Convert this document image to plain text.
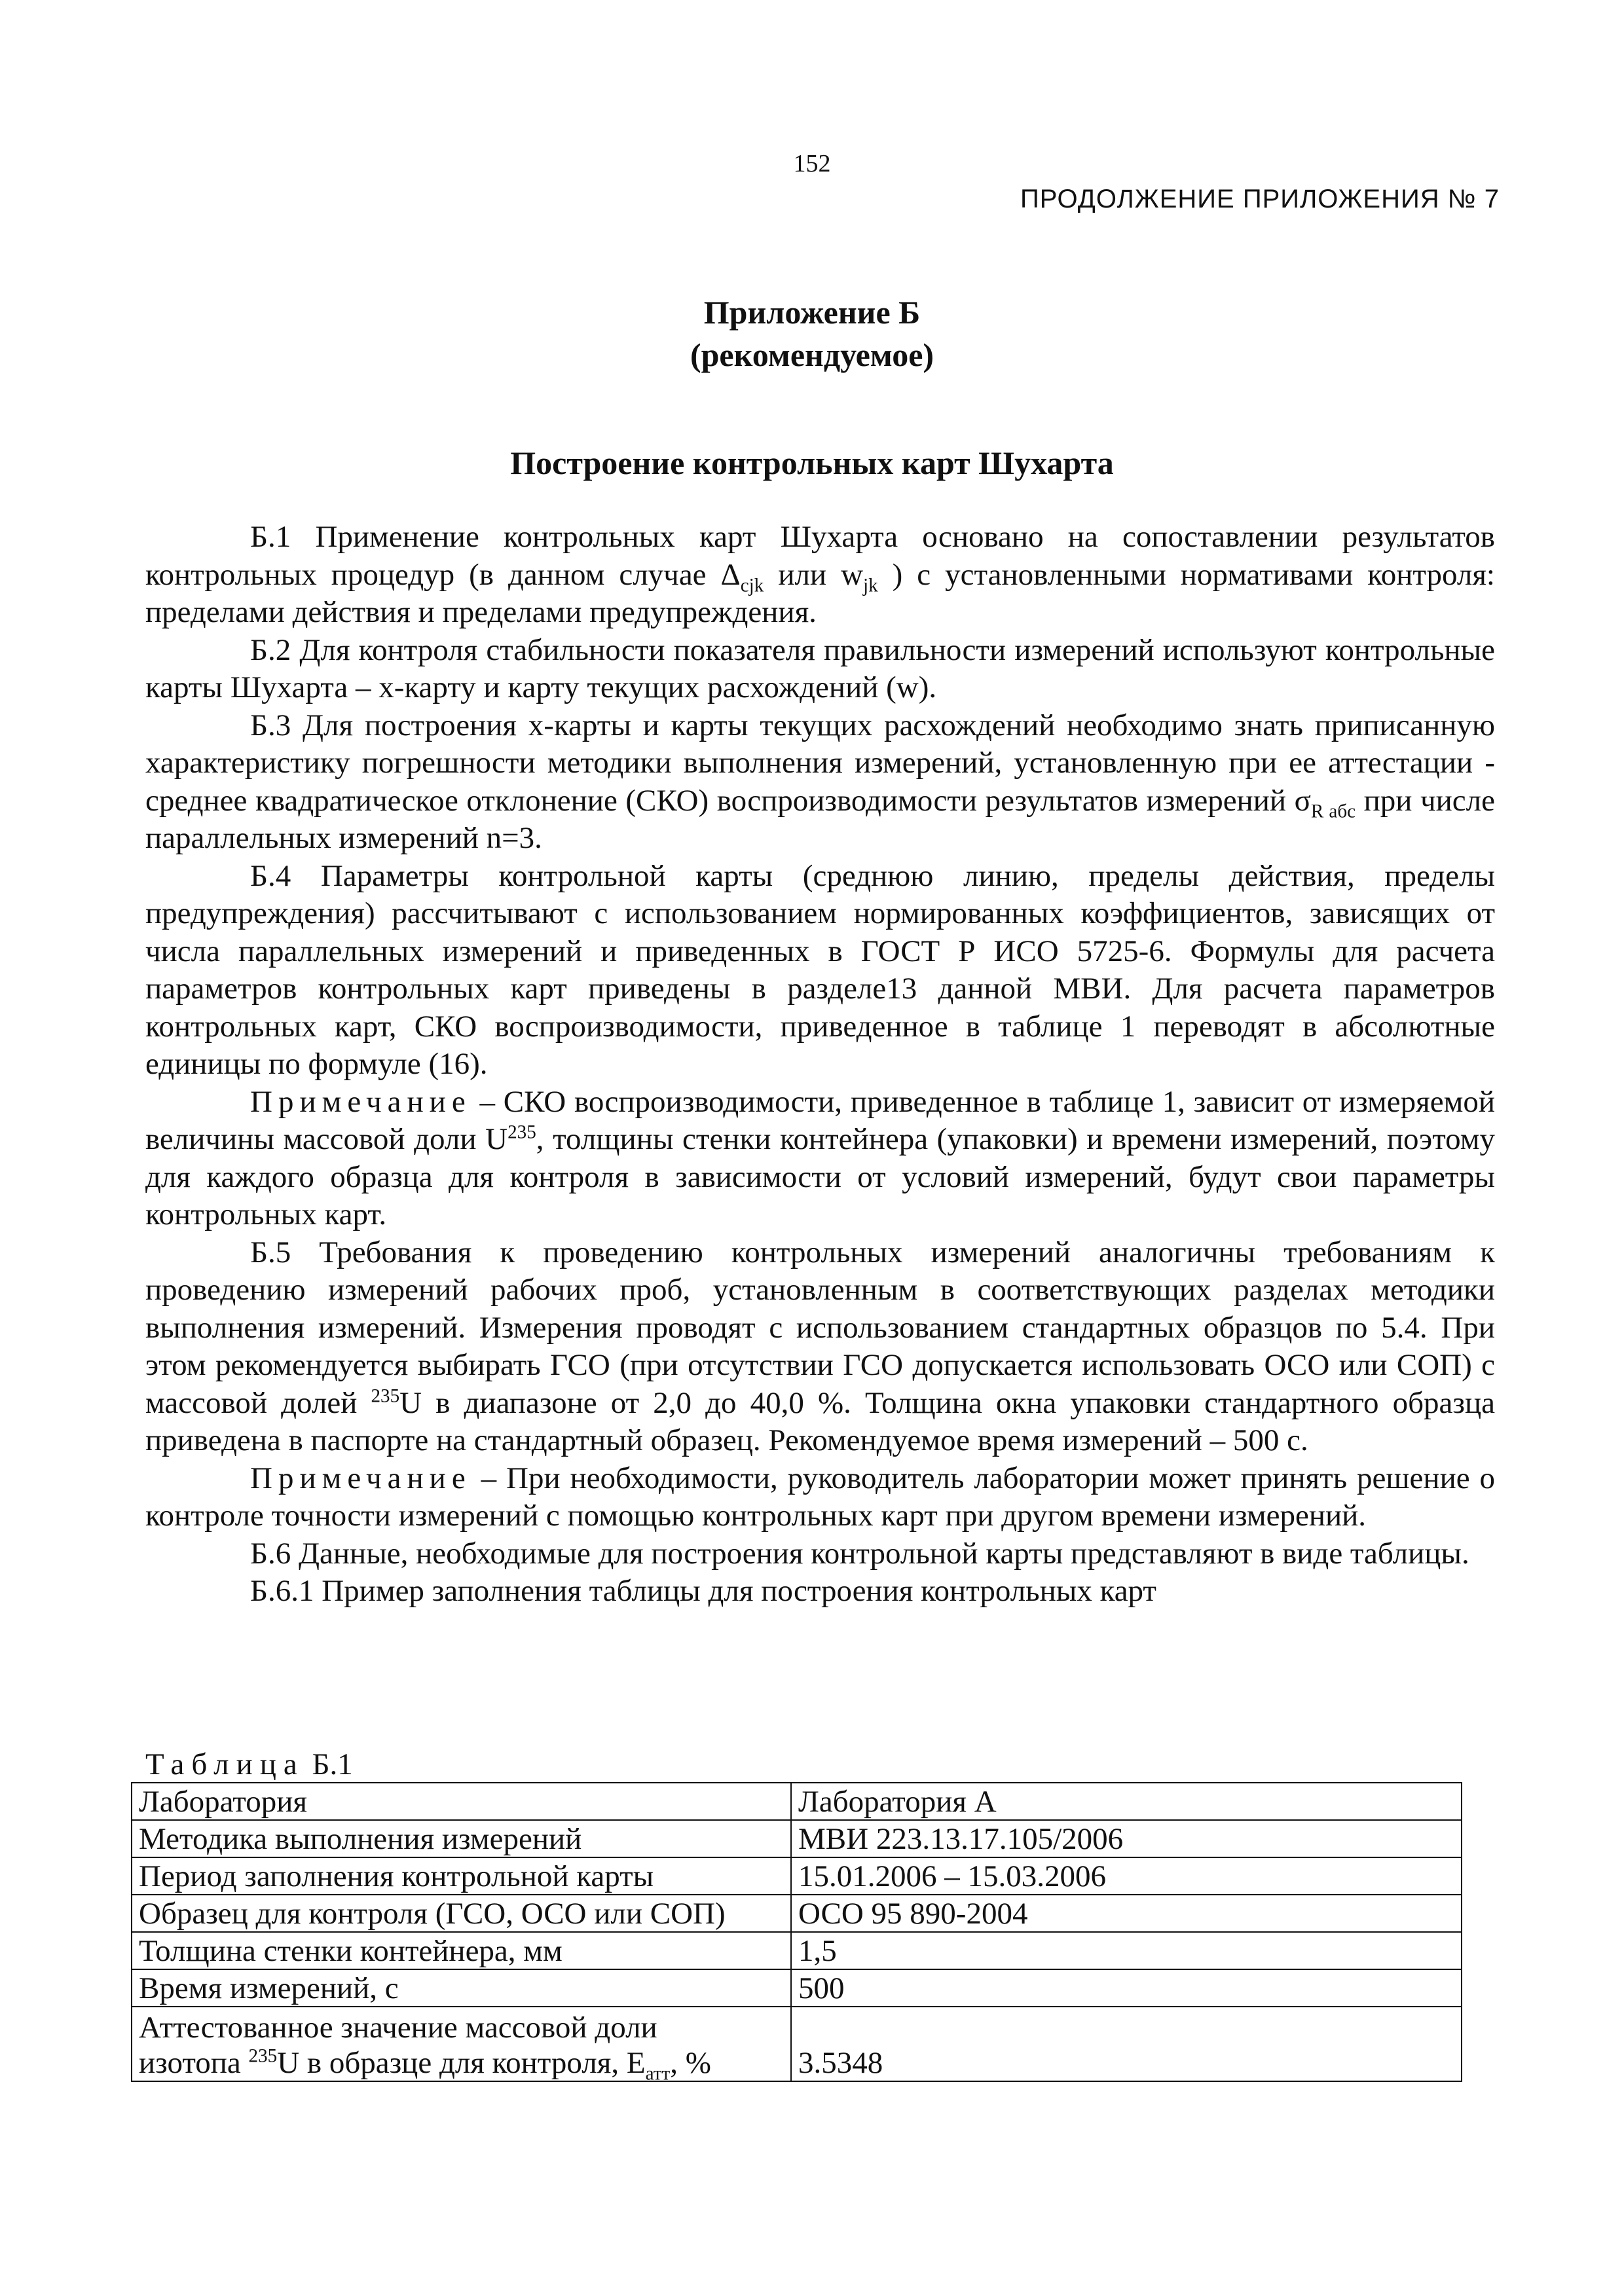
152
ПРОДОЛЖЕНИЕ ПРИЛОЖЕНИЯ № 7
Приложение Б
(рекомендуемое)
Построение контрольных карт Шухарта

Б.1 Применение контрольных карт Шухарта основано на сопоставлении результатов контрольных процедур (в данном случае $\Delta_{cjk}$ или $w_{jk}$ ) с установленными нормативами контроля: пределами действия и пределами предупреждения.

Б.2 Для контроля стабильности показателя правильности измерений используют контрольные карты Шухарта – х-карту и карту текущих расхождений (w).

Б.3 Для построения х-карты и карты текущих расхождений необходимо знать приписанную характеристику погрешности методики выполнения измерений, установленную при ее аттестации - среднее квадратическое отклонение (СКО) воспроизводимости результатов измерений $\sigma_{R абс}$ при числе параллельных измерений n=3.

Б.4 Параметры контрольной карты (среднюю линию, пределы действия, пределы предупреждения) рассчитывают с использованием нормированных коэффициентов, зависящих от числа параллельных измерений и приведенных в ГОСТ Р ИСО 5725-6. Формулы для расчета параметров контрольных карт приведены в разделе13 данной МВИ. Для расчета параметров контрольных карт, СКО воспроизводимости, приведенное в таблице 1 переводят в абсолютные единицы по формуле (16).

Примечание – СКО воспроизводимости, приведенное в таблице 1, зависит от измеряемой величины массовой доли $U^{235}$, толщины стенки контейнера (упаковки) и времени измерений, поэтому для каждого образца для контроля в зависимости от условий измерений, будут свои параметры контрольных карт.

Б.5 Требования к проведению контрольных измерений аналогичны требованиям к проведению измерений рабочих проб, установленным в соответствующих разделах методики выполнения измерений. Измерения проводят с использованием стандартных образцов по 5.4. При этом рекомендуется выбирать ГСО (при отсутствии ГСО допускается использовать ОСО или СОП) с массовой долей $^{235}$U в диапазоне от 2,0 до 40,0 %. Толщина окна упаковки стандартного образца приведена в паспорте на стандартный образец. Рекомендуемое время измерений – 500 с.

Примечание – При необходимости, руководитель лаборатории может принять решение о контроле точности измерений с помощью контрольных карт при другом времени измерений.

Б.6 Данные, необходимые для построения контрольной карты представляют в виде таблицы.

Б.6.1 Пример заполнения таблицы для построения контрольных карт

Таблица Б.1
Лаборатория	Лаборатория А
Методика выполнения измерений	МВИ 223.13.17.105/2006
Период заполнения контрольной карты	15.01.2006 – 15.03.2006
Образец для контроля (ГСО, ОСО или СОП)	ОСО 95 890-2004
Толщина стенки контейнера, мм	1,5
Время измерений, с	500

Аттестованное значение массовой доли
изотопа $^{235}$U в образце для контроля, $Е_{атт}$, %	3.5348
